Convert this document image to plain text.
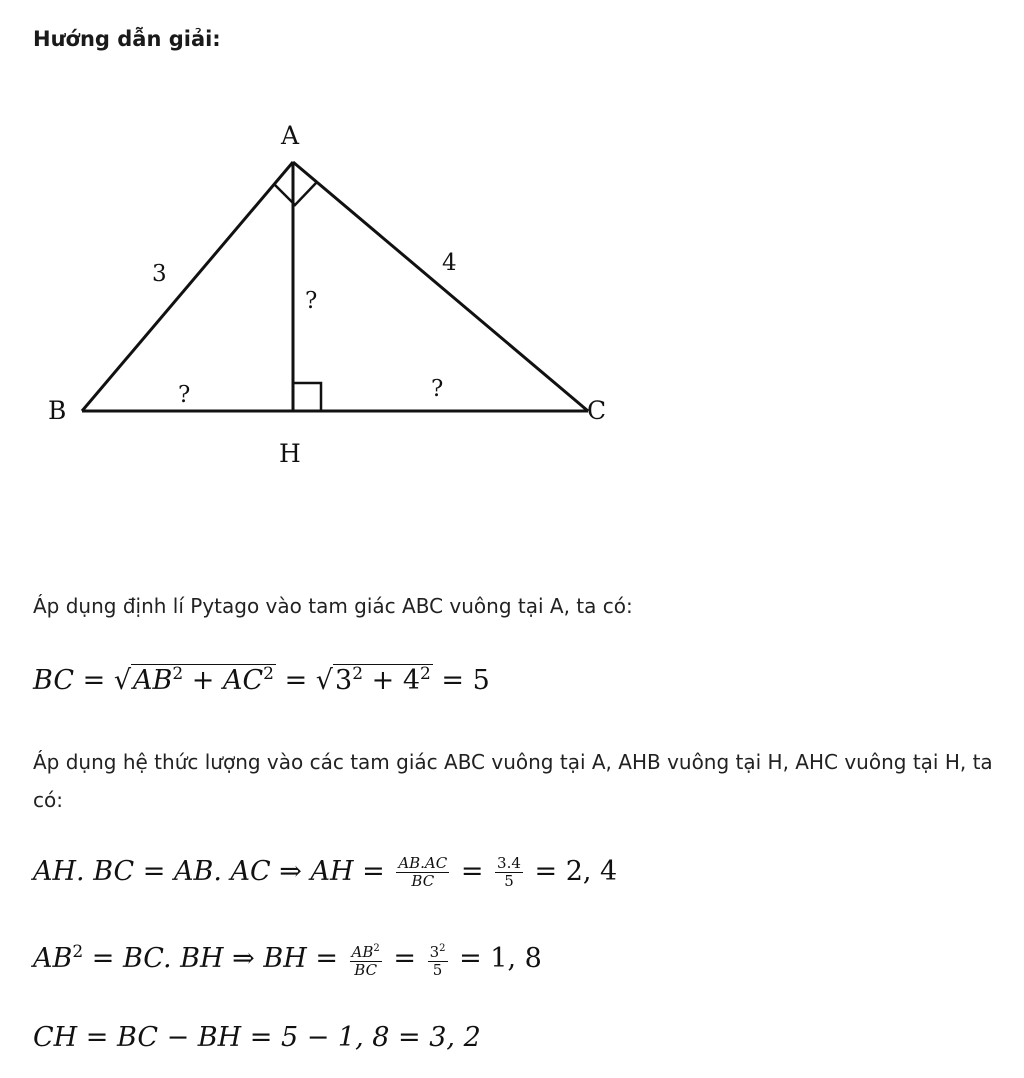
Hướng dẫn giải:
A
B	C
H
3	4
?
?	?
Áp dụng định lí Pytago vào tam giác ABC vuông tại A, ta có:
BC = $√AB^2 + AC^2 = √3^2 + 4^2 = 5$
Áp dụng hệ thức lượng vào các tam giác ABC vuông tại A, AHB vuông tại H, AHC vuông tại H, ta có:
AH. BC = AB. AC ⇒ AH = $\frac{AB.AC}{BC} = \frac{3.4}{5} = 2$, 4
$AB^2$ = BC. BH ⇒ BH = $\frac{AB^2}{BC} = \frac{3^2}{5} = 1$, 8
CH = BC − BH = 5 − 1, 8 = 3, 2
